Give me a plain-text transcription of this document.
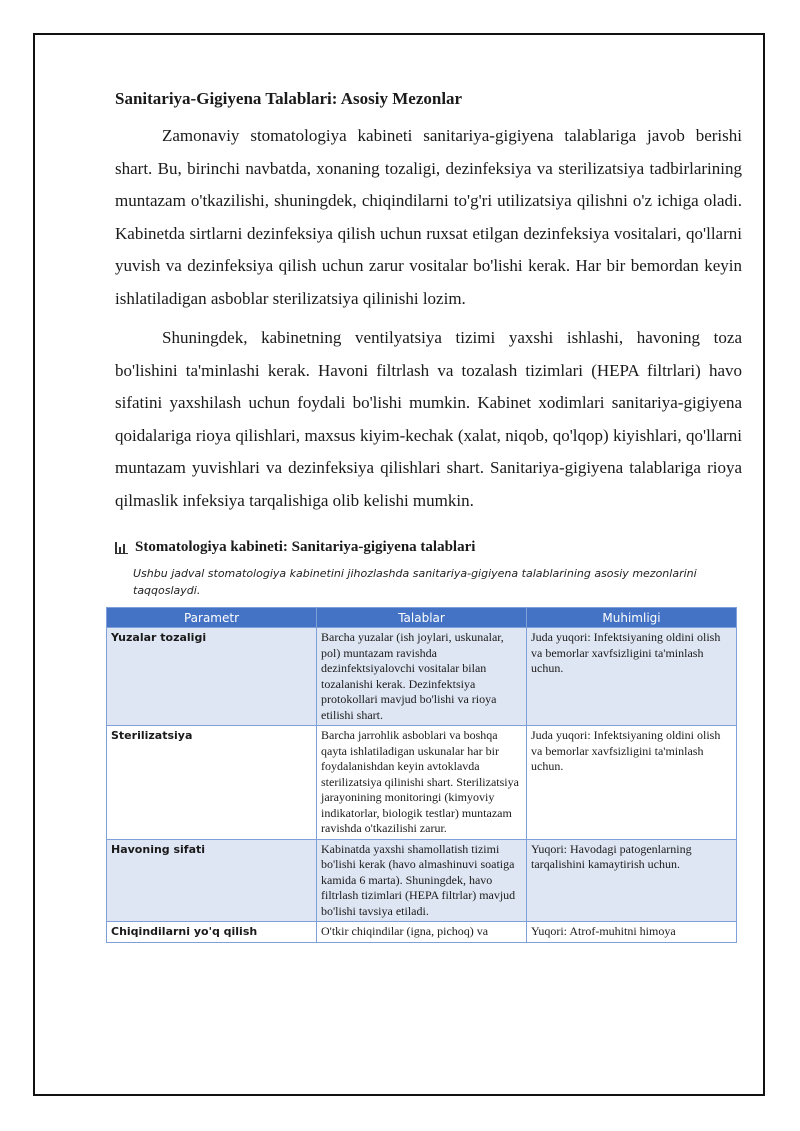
Sanitariya-Gigiyena Talablari: Asosiy Mezonlar

Zamonaviy stomatologiya kabineti sanitariya-gigiyena talablariga javob berishi shart. Bu, birinchi navbatda, xonaning tozaligi, dezinfeksiya va sterilizatsiya tadbirlarining muntazam o'tkazilishi, shuningdek, chiqindilarni to'g'ri utilizatsiya qilishni o'z ichiga oladi. Kabinetda sirtlarni dezinfeksiya qilish uchun ruxsat etilgan dezinfeksiya vositalari, qo'llarni yuvish va dezinfeksiya qilish uchun zarur vositalar bo'lishi kerak. Har bir bemordan keyin ishlatiladigan asboblar sterilizatsiya qilinishi lozim.

Shuningdek, kabinetning ventilyatsiya tizimi yaxshi ishlashi, havoning toza bo'lishini ta'minlashi kerak. Havoni filtrlash va tozalash tizimlari (HEPA filtrlari) havo sifatini yaxshilash uchun foydali bo'lishi mumkin. Kabinet xodimlari sanitariya-gigiyena qoidalariga rioya qilishlari, maxsus kiyim-kechak (xalat, niqob, qo'lqop) kiyishlari, qo'llarni muntazam yuvishlari va dezinfeksiya qilishlari shart. Sanitariya-gigiyena talablariga rioya qilmaslik infeksiya tarqalishiga olib kelishi mumkin.

Stomatologiya kabineti: Sanitariya-gigiyena talablari
Ushbu jadval stomatologiya kabinetini jihozlashda sanitariya-gigiyena talablarining asosiy mezonlarini taqqoslaydi.
Parametr	Talablar	Muhimligi
Yuzalar tozaligi	Barcha yuzalar (ish joylari, uskunalar, pol) muntazam ravishda dezinfektsiyalovchi vositalar bilan tozalanishi kerak. Dezinfektsiya protokollari mavjud bo'lishi va rioya etilishi shart.	Juda yuqori: Infektsiyaning oldini olish va bemorlar xavfsizligini ta'minlash uchun.
Sterilizatsiya	Barcha jarrohlik asboblari va boshqa qayta ishlatiladigan uskunalar har bir foydalanishdan keyin avtoklavda sterilizatsiya qilinishi shart. Sterilizatsiya jarayonining monitoringi (kimyoviy indikatorlar, biologik testlar) muntazam ravishda o'tkazilishi zarur.	Juda yuqori: Infektsiyaning oldini olish va bemorlar xavfsizligini ta'minlash uchun.
Havoning sifati	Kabinatda yaxshi shamollatish tizimi bo'lishi kerak (havo almashinuvi soatiga kamida 6 marta). Shuningdek, havo filtrlash tizimlari (HEPA filtrlar) mavjud bo'lishi tavsiya etiladi.	Yuqori: Havodagi patogenlarning tarqalishini kamaytirish uchun.
Chiqindilarni yo'q qilish	O'tkir chiqindilar (igna, pichoq) va	Yuqori: Atrof-muhitni himoya
